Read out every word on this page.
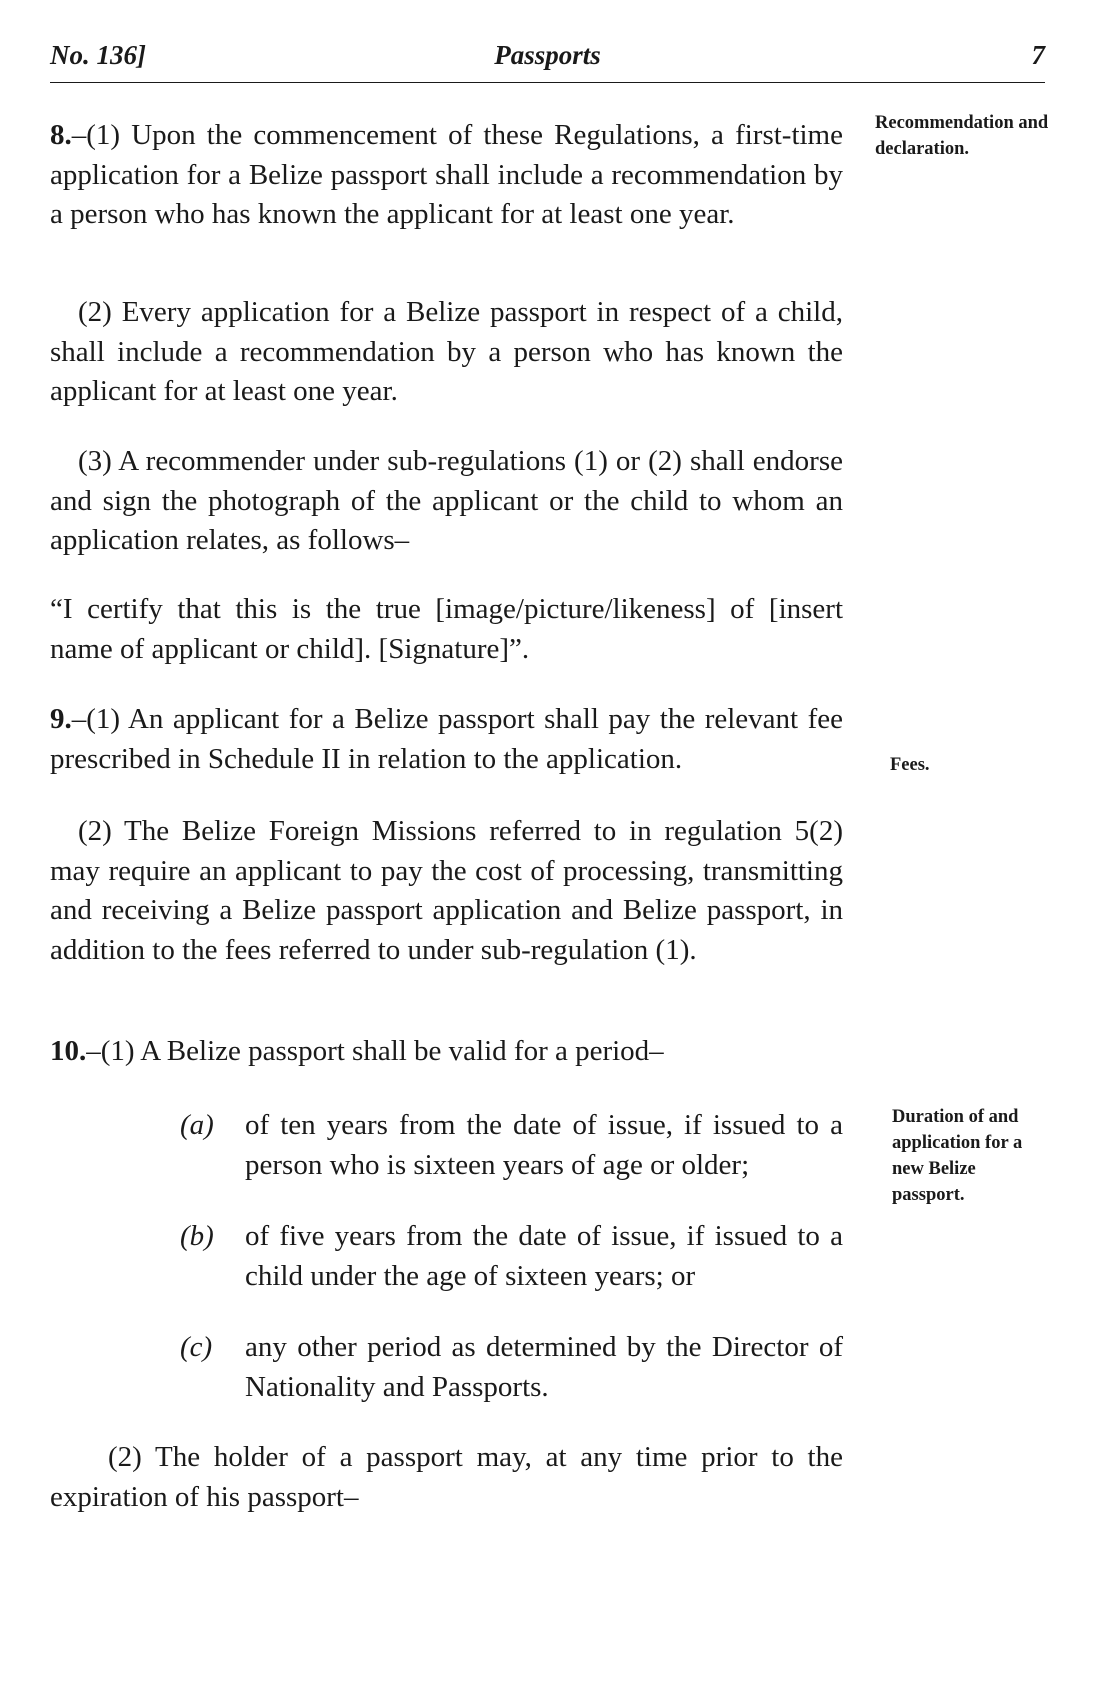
No. 136]	Passports	7
8.–(1) Upon the commencement of these Regulations, a first-time application for a Belize passport shall include a recommendation by a person who has known the applicant for at least one year.
(2) Every application for a Belize passport in respect of a child, shall include a recommendation by a person who has known the applicant for at least one year.
(3) A recommender under sub-regulations (1) or (2) shall endorse and sign the photograph of the applicant or the child to whom an application relates, as follows–
“I certify that this is the true [image/picture/likeness] of [insert name of applicant or child]. [Signature]”.
9.–(1) An applicant for a Belize passport shall pay the relevant fee prescribed in Schedule II in relation to the application.
(2) The Belize Foreign Missions referred to in regulation 5(2) may require an applicant to pay the cost of processing, transmitting and receiving a Belize passport application and Belize passport, in addition to the fees referred to under sub-regulation (1).
10.–(1) A Belize passport shall be valid for a period–
(a) of ten years from the date of issue, if issued to a person who is sixteen years of age or older;
(b) of five years from the date of issue, if issued to a child under the age of sixteen years; or
(c) any other period as determined by the Director of Nationality and Passports.
(2) The holder of a passport may, at any time prior to the expiration of his passport–
Recommendation and declaration.
Fees.
Duration of and application for a new Belize passport.
